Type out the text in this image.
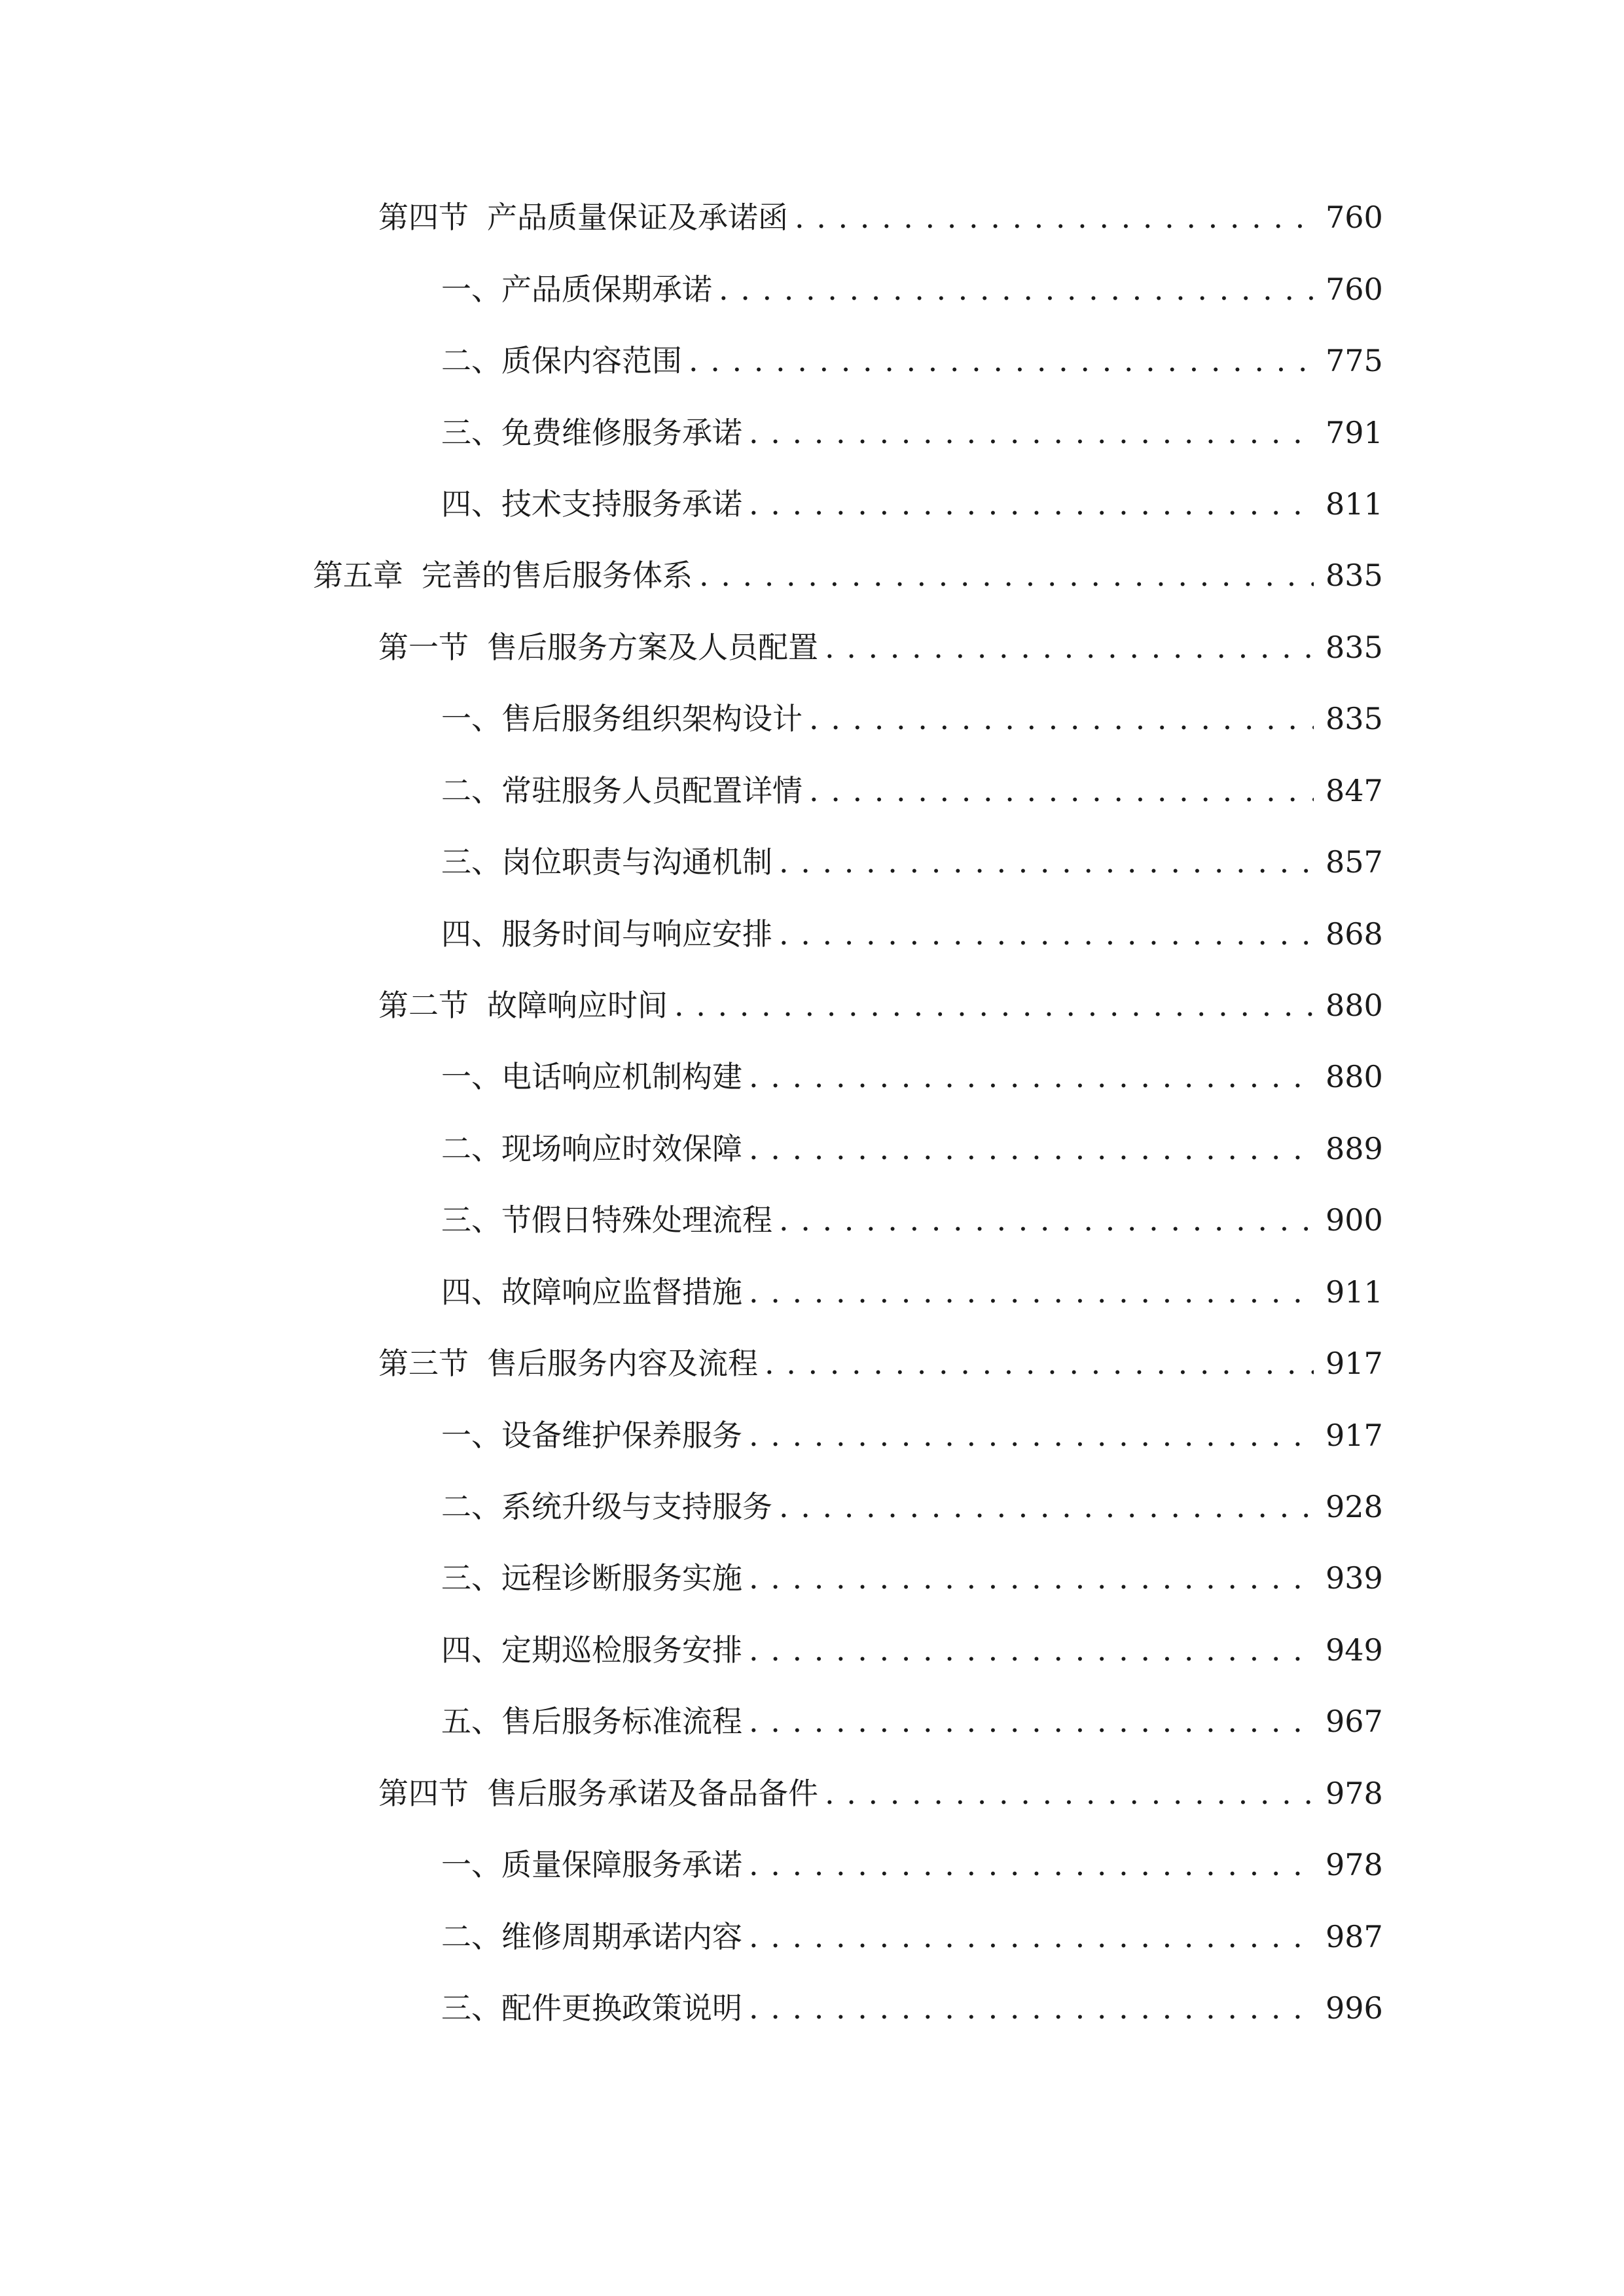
第四节 产品质量保证及承诺函 . . .	760
一、 产品质保期承诺 . . .	760
二、 质保内容范围 . . .	775
三、 免费维修服务承诺 . . .	791
四、 技术支持服务承诺 . . .	811
第五章 完善的售后服务体系 . . .	835
第一节 售后服务方案及人员配置 . . .	835
一、 售后服务组织架构设计 . . .	835
二、 常驻服务人员配置详情 . . .	847
三、 岗位职责与沟通机制 . . .	857
四、 服务时间与响应安排 . . .	868
第二节 故障响应时间 . . .	880
一、 电话响应机制构建 . . .	880
二、 现场响应时效保障 . . .	889
三、 节假日特殊处理流程 . . .	900
四、 故障响应监督措施 . . .	911
第三节 售后服务内容及流程 . . .	917
一、 设备维护保养服务 . . .	917
二、 系统升级与支持服务 . . .	928
三、 远程诊断服务实施 . . .	939
四、 定期巡检服务安排 . . .	949
五、 售后服务标准流程 . . .	967
第四节 售后服务承诺及备品备件 . . .	978
一、 质量保障服务承诺 . . .	978
二、 维修周期承诺内容 . . .	987
三、 配件更换政策说明 . . .	996
